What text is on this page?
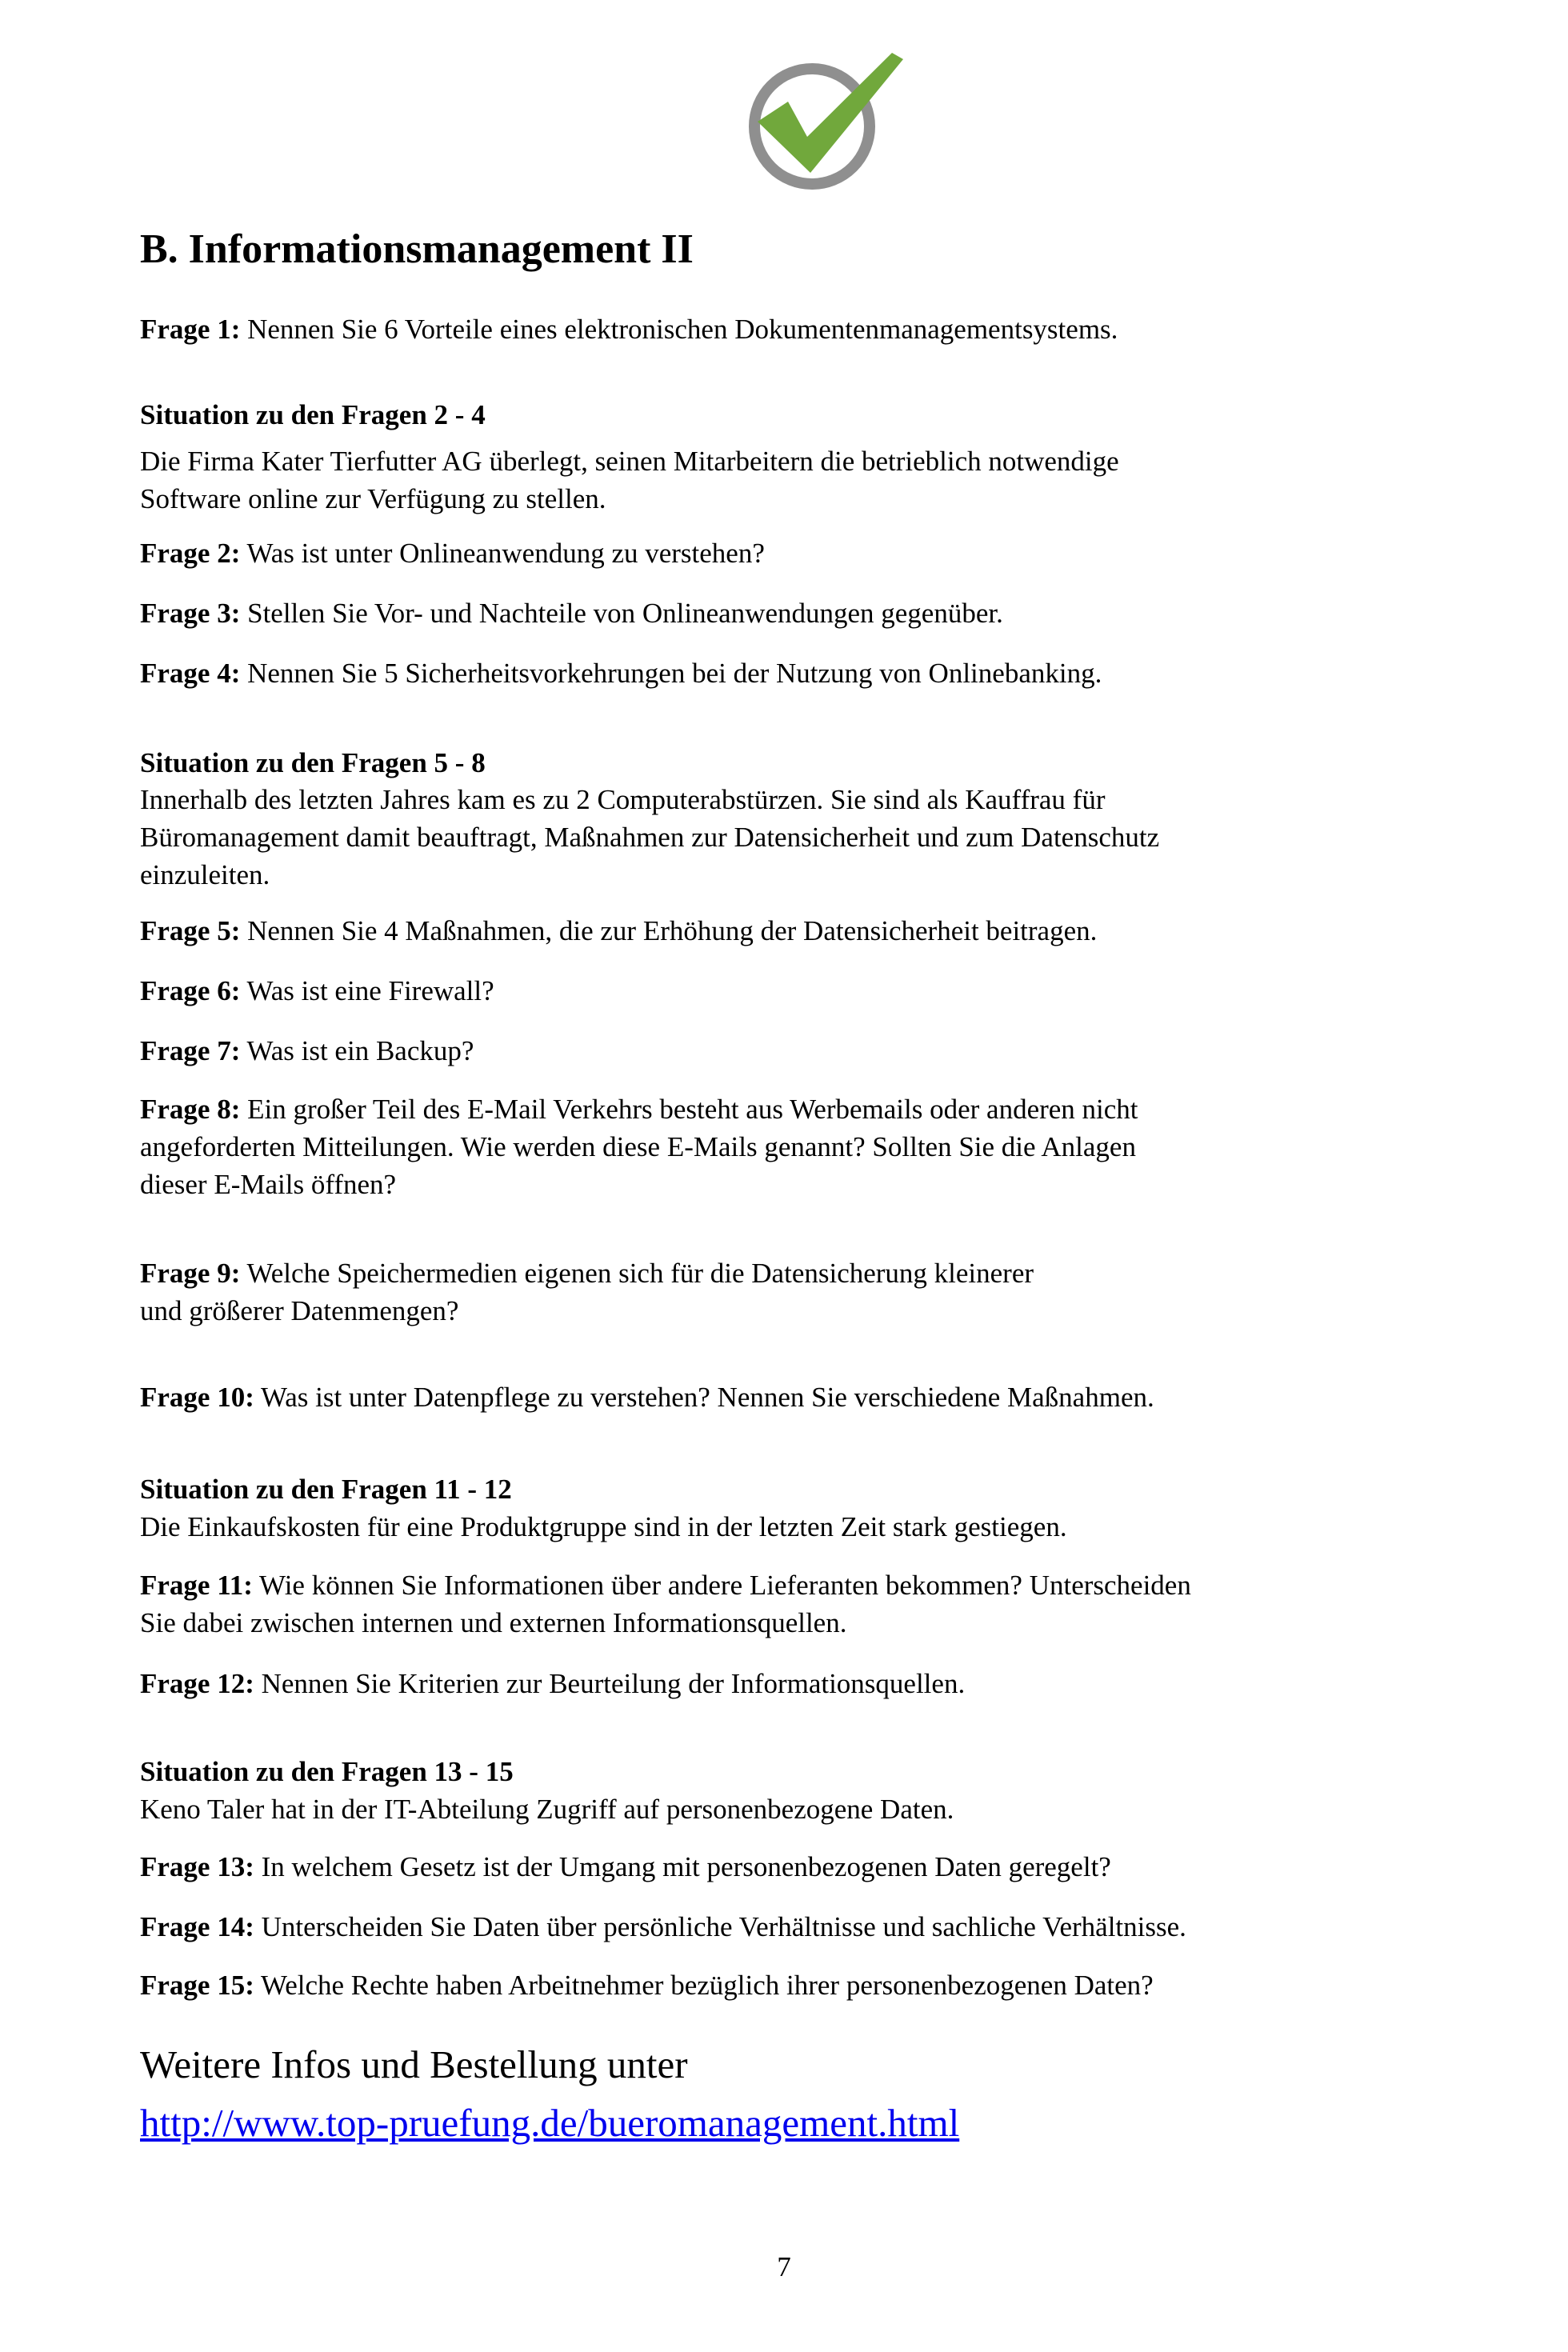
B. Informationsmanagement II

Frage 1: Nennen Sie 6 Vorteile eines elektronischen Dokumentenmanagementsystems.

Situation zu den Fragen 2 - 4

Die Firma Kater Tierfutter AG überlegt, seinen Mitarbeitern die betrieblich notwendige
Software online zur Verfügung zu stellen.

Frage 2: Was ist unter Onlineanwendung zu verstehen?

Frage 3: Stellen Sie Vor- und Nachteile von Onlineanwendungen gegenüber.

Frage 4: Nennen Sie 5 Sicherheitsvorkehrungen bei der Nutzung von Onlinebanking.

Situation zu den Fragen 5 - 8

Innerhalb des letzten Jahres kam es zu 2 Computerabstürzen. Sie sind als Kauffrau für
Büromanagement damit beauftragt, Maßnahmen zur Datensicherheit und zum Datenschutz
einzuleiten.

Frage 5: Nennen Sie 4 Maßnahmen, die zur Erhöhung der Datensicherheit beitragen.

Frage 6: Was ist eine Firewall?

Frage 7: Was ist ein Backup?

Frage 8: Ein großer Teil des E-Mail Verkehrs besteht aus Werbemails oder anderen nicht
angeforderten Mitteilungen. Wie werden diese E-Mails genannt? Sollten Sie die Anlagen
dieser E-Mails öffnen?
Frage 9: Welche Speichermedien eigenen sich für die Datensicherung kleinerer
und größerer Datenmengen?

Frage 10: Was ist unter Datenpflege zu verstehen? Nennen Sie verschiedene Maßnahmen.

Situation zu den Fragen 11 - 12

Die Einkaufskosten für eine Produktgruppe sind in der letzten Zeit stark gestiegen.
Frage 11: Wie können Sie Informationen über andere Lieferanten bekommen? Unterscheiden
Sie dabei zwischen internen und externen Informationsquellen.

Frage 12: Nennen Sie Kriterien zur Beurteilung der Informationsquellen.

Situation zu den Fragen 13 - 15

Keno Taler hat in der IT-Abteilung Zugriff auf personenbezogene Daten.

Frage 13: In welchem Gesetz ist der Umgang mit personenbezogenen Daten geregelt?

Frage 14: Unterscheiden Sie Daten über persönliche Verhältnisse und sachliche Verhältnisse.

Frage 15: Welche Rechte haben Arbeitnehmer bezüglich ihrer personenbezogenen Daten?

Weitere Infos und Bestellung unter
http://www.top-pruefung.de/bueromanagement.html
7
